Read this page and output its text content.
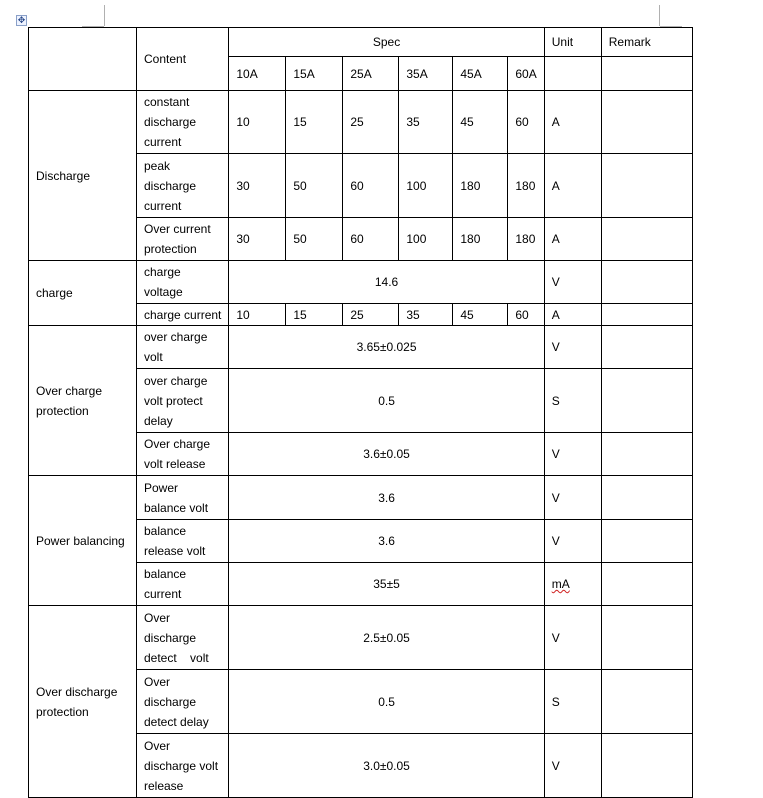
✥
	Content	Spec						Unit	Remark
		10A	15A	25A	35A	45A	60A		
Discharge	constant discharge current	10	15	25	35	45	60	A	
	peak discharge current	30	50	60	100	180	180	A	
	Over current protection	30	50	60	100	180	180	A	
charge	charge voltage	14.6						V	
	charge current	10	15	25	35	45	60	A	
Over charge protection	over charge volt	3.65±0.025						V	
	over charge volt protect delay	0.5						S	
	Over charge volt release	3.6±0.05						V	
Power balancing	Power balance volt	3.6						V	
	balance release volt	3.6						V	
	balance current	35±5						mA	
Over discharge protection	Over discharge detect    volt	2.5±0.05						V	
	Over discharge detect delay	0.5						S	
	Over discharge volt release	3.0±0.05						V	
